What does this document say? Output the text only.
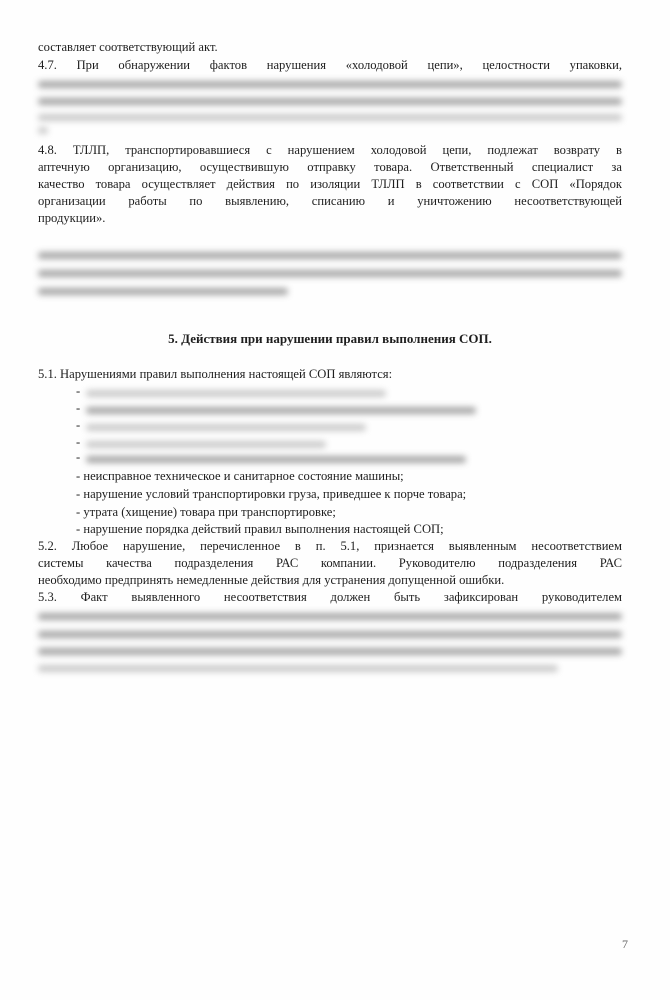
составляет соответствующий акт.
4.7. При обнаружении фактов нарушения «холодовой цепи», целостности упаковки,
4.8. ТЛЛП, транспортировавшиеся с нарушением холодовой цепи, подлежат возврату в
аптечную организацию, осуществившую отправку товара. Ответственный специалист за
качество товара осуществляет действия по изоляции ТЛЛП в соответствии с СОП «Порядок
организации работы по выявлению, списанию и уничтожению несоответствующей
продукции».
5. Действия при нарушении правил выполнения СОП.
5.1. Нарушениями правил выполнения настоящей СОП являются:
-
-
-
-
-
- неисправное техническое и санитарное состояние машины;
- нарушение условий транспортировки груза, приведшее к порче товара;
- утрата (хищение) товара при транспортировке;
- нарушение порядка действий правил выполнения настоящей СОП;
5.2. Любое нарушение, перечисленное в п. 5.1, признается выявленным несоответствием
системы качества подразделения РАС компании. Руководителю подразделения РАС
необходимо предпринять немедленные действия для устранения допущенной ошибки.
5.3. Факт выявленного несоответствия должен быть зафиксирован руководителем
7
